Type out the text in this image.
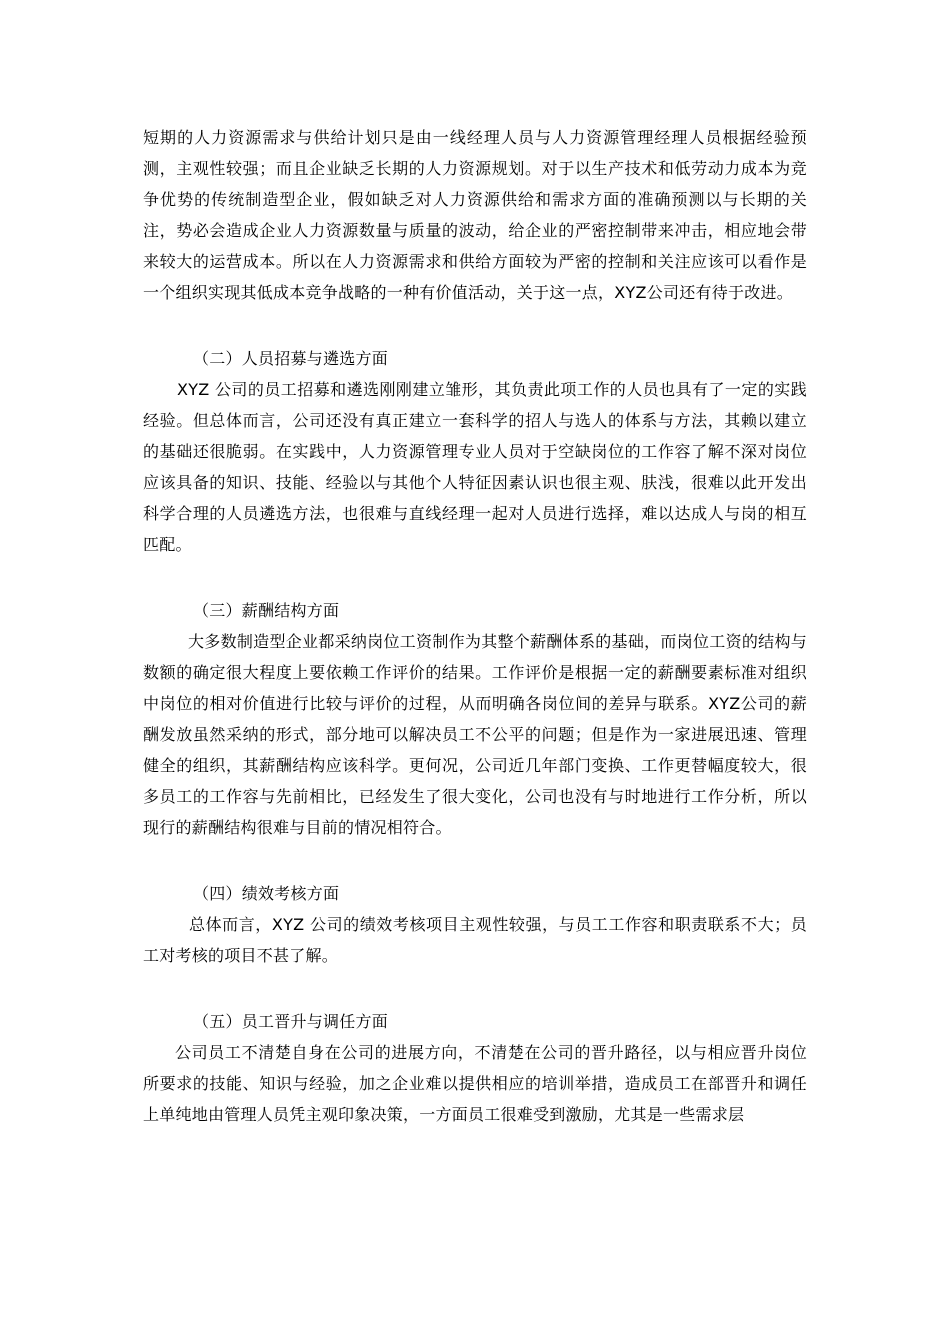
短期的人力资源需求与供给计划只是由一线经理人员与人力资源管理经理人员根据经验预测，主观性较强；而且企业缺乏长期的人力资源规划。对于以生产技术和低劳动力成本为竞争优势的传统制造型企业，假如缺乏对人力资源供给和需求方面的准确预测以与长期的关注，势必会造成企业人力资源数量与质量的波动，给企业的严密控制带来冲击，相应地会带来较大的运营成本。所以在人力资源需求和供给方面较为严密的控制和关注应该可以看作是一个组织实现其低成本竞争战略的一种有价值活动，关于这一点，XYZ公司还有待于改进。

（二）人员招募与遴选方面

XYZ 公司的员工招募和遴选刚刚建立雏形，其负责此项工作的人员也具有了一定的实践经验。但总体而言，公司还没有真正建立一套科学的招人与选人的体系与方法，其赖以建立的基础还很脆弱。在实践中，人力资源管理专业人员对于空缺岗位的工作容了解不深对岗位应该具备的知识、技能、经验以与其他个人特征因素认识也很主观、肤浅，很难以此开发出科学合理的人员遴选方法，也很难与直线经理一起对人员进行选择，难以达成人与岗的相互匹配。

（三）薪酬结构方面

大多数制造型企业都采纳岗位工资制作为其整个薪酬体系的基础，而岗位工资的结构与数额的确定很大程度上要依赖工作评价的结果。工作评价是根据一定的薪酬要素标准对组织中岗位的相对价值进行比较与评价的过程，从而明确各岗位间的差异与联系。XYZ公司的薪酬发放虽然采纳的形式，部分地可以解决员工不公平的问题；但是作为一家进展迅速、管理健全的组织，其薪酬结构应该科学。更何况，公司近几年部门变换、工作更替幅度较大，很多员工的工作容与先前相比，已经发生了很大变化，公司也没有与时地进行工作分析，所以现行的薪酬结构很难与目前的情况相符合。

（四）绩效考核方面

总体而言，XYZ 公司的绩效考核项目主观性较强，与员工工作容和职责联系不大；员工对考核的项目不甚了解。

（五）员工晋升与调任方面

公司员工不清楚自身在公司的进展方向，不清楚在公司的晋升路径，以与相应晋升岗位所要求的技能、知识与经验，加之企业难以提供相应的培训举措，造成员工在部晋升和调任上单纯地由管理人员凭主观印象决策，一方面员工很难受到激励，尤其是一些需求层
